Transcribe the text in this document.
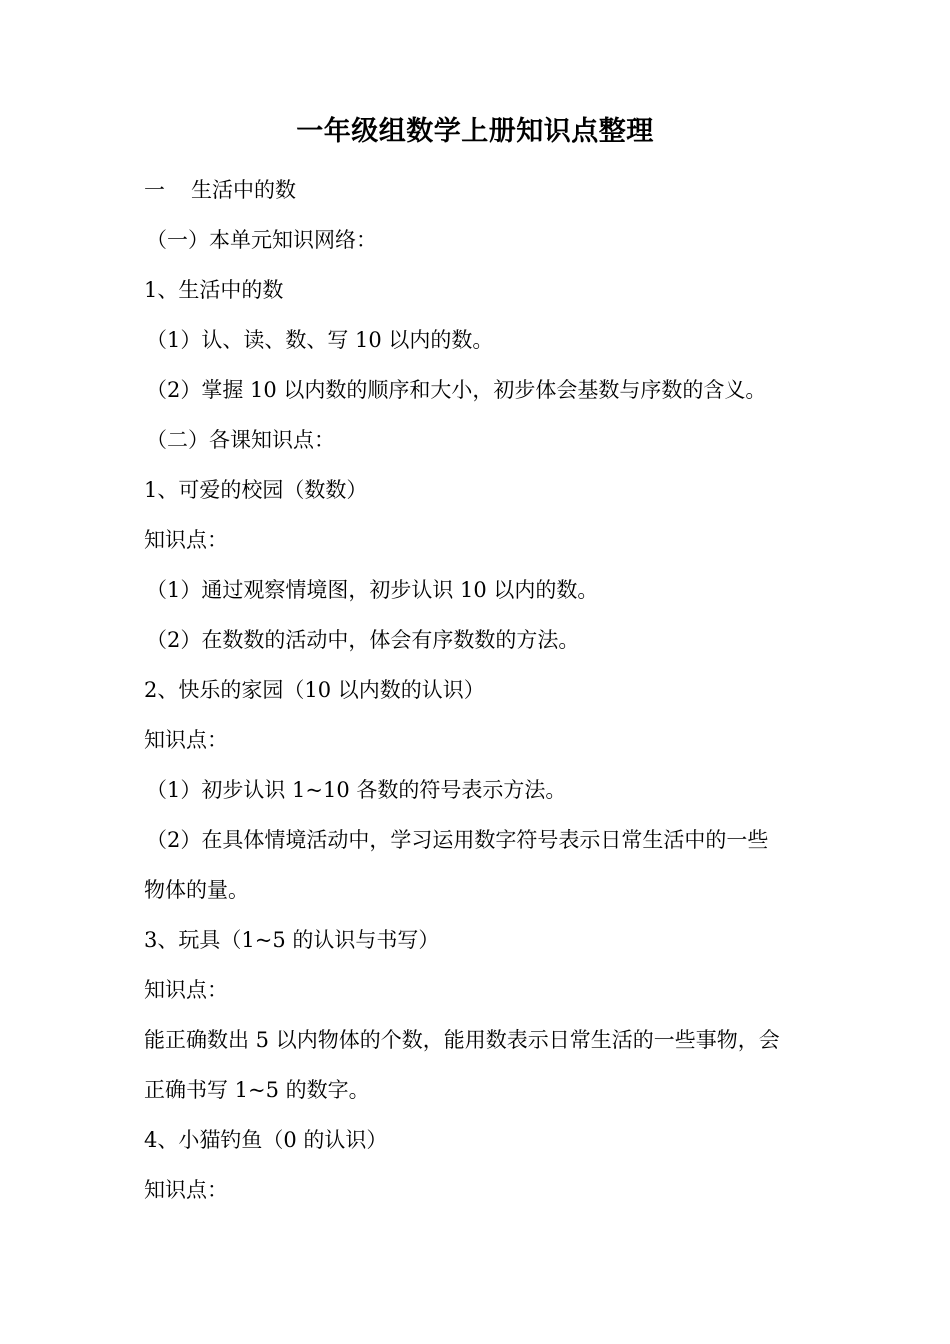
一年级组数学上册知识点整理
一 生活中的数
（一）本单元知识网络：
1、生活中的数
（1）认、读、数、写 10 以内的数。
（2）掌握 10 以内数的顺序和大小，初步体会基数与序数的含义。
（二）各课知识点：
1、可爱的校园（数数）
知识点：
（1）通过观察情境图，初步认识 10 以内的数。
（2）在数数的活动中，体会有序数数的方法。
2、快乐的家园（10 以内数的认识）
知识点：
（1）初步认识 1~10 各数的符号表示方法。
（2）在具体情境活动中，学习运用数字符号表示日常生活中的一些
物体的量。
3、玩具（1~5 的认识与书写）
知识点：
能正确数出 5 以内物体的个数，能用数表示日常生活的一些事物，会
正确书写 1~5 的数字。
4、小猫钓鱼（0 的认识）
知识点：
